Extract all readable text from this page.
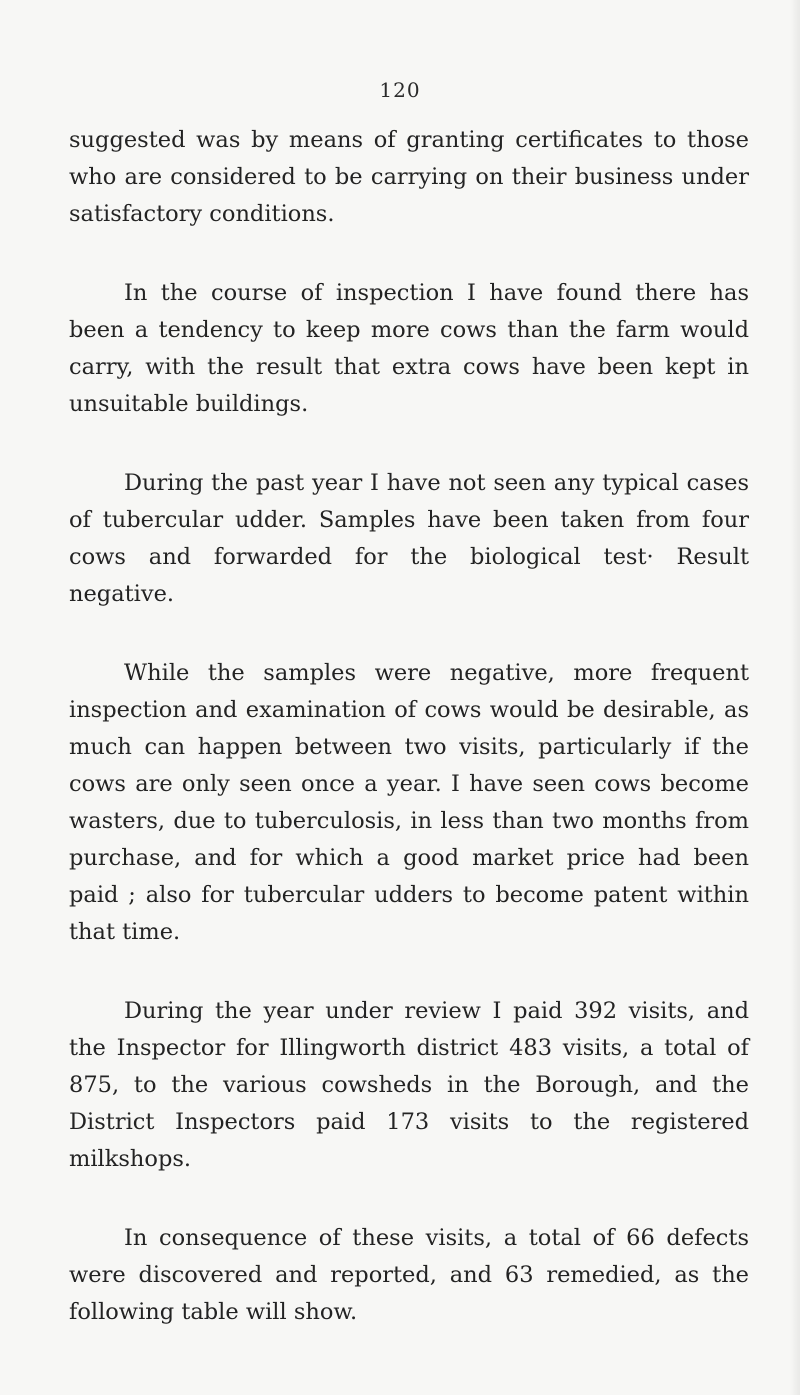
120

suggested was by means of granting certificates to those who are considered to be carrying on their business under satisfactory conditions.

In the course of inspection I have found there has been a tendency to keep more cows than the farm would carry, with the result that extra cows have been kept in unsuitable buildings.

During the past year I have not seen any typical cases of tubercular udder. Samples have been taken from four cows and forwarded for the biological test· Result negative.

While the samples were negative, more frequent inspection and examination of cows would be desirable, as much can happen between two visits, particularly if the cows are only seen once a year. I have seen cows become wasters, due to tuberculosis, in less than two months from purchase, and for which a good market price had been paid ; also for tubercular udders to become patent within that time.

During the year under review I paid 392 visits, and the Inspector for Illingworth district 483 visits, a total of 875, to the various cowsheds in the Borough, and the District Inspectors paid 173 visits to the registered milkshops.

In consequence of these visits, a total of 66 defects were discovered and reported, and 63 remedied, as the following table will show.
